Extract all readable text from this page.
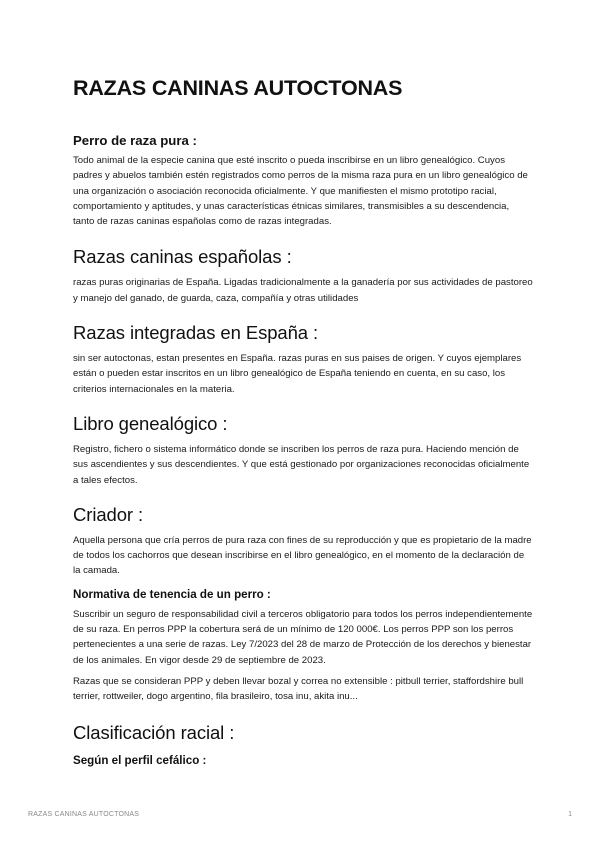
RAZAS CANINAS AUTOCTONAS
Perro de raza pura :

Todo animal de la especie canina que esté inscrito o pueda inscribirse en un libro genealógico. Cuyos padres y abuelos también estén registrados como perros de la misma raza pura en un libro genealógico de una organización o asociación reconocida oficialmente. Y que manifiesten el mismo prototipo racial, comportamiento y aptitudes, y unas características étnicas similares, transmisibles a su descendencia, tanto de razas caninas españolas como de razas integradas.

Razas caninas españolas :

razas puras originarias de España. Ligadas tradicionalmente a la ganadería por sus actividades de pastoreo y manejo del ganado, de guarda, caza, compañía y otras utilidades

Razas integradas en España :

sin ser autoctonas, estan presentes en España. razas puras en sus paises de origen. Y cuyos ejemplares están o pueden estar inscritos en un libro genealógico de España teniendo en cuenta, en su caso, los criterios internacionales en la materia.

Libro genealógico :

Registro, fichero o sistema informático donde se inscriben los perros de raza pura. Haciendo mención de sus ascendientes y sus descendientes. Y que está gestionado por organizaciones reconocidas oficialmente a tales efectos.

Criador :

Aquella persona que cría perros de pura raza con fines de su reproducción y que es propietario de la madre de todos los cachorros que desean inscribirse en el libro genealógico, en el momento de la declaración de la camada.

Normativa de tenencia de un perro :

Suscribir un seguro de responsabilidad civil a terceros obligatorio para todos los perros independientemente de su raza. En perros PPP la cobertura será de un mínimo de 120 000€. Los perros PPP son los perros pertenecientes a una serie de razas. Ley 7/2023 del 28 de marzo de Protección de los derechos y bienestar de los animales. En vigor desde 29 de septiembre de 2023.

Razas que se consideran PPP y deben llevar bozal y correa no extensible : pitbull terrier, staffordshire bull terrier, rottweiler, dogo argentino, fila brasileiro, tosa inu, akita inu...

Clasificación racial :
Según el perfil cefálico :
RAZAS CANINAS AUTOCTONAS	1
